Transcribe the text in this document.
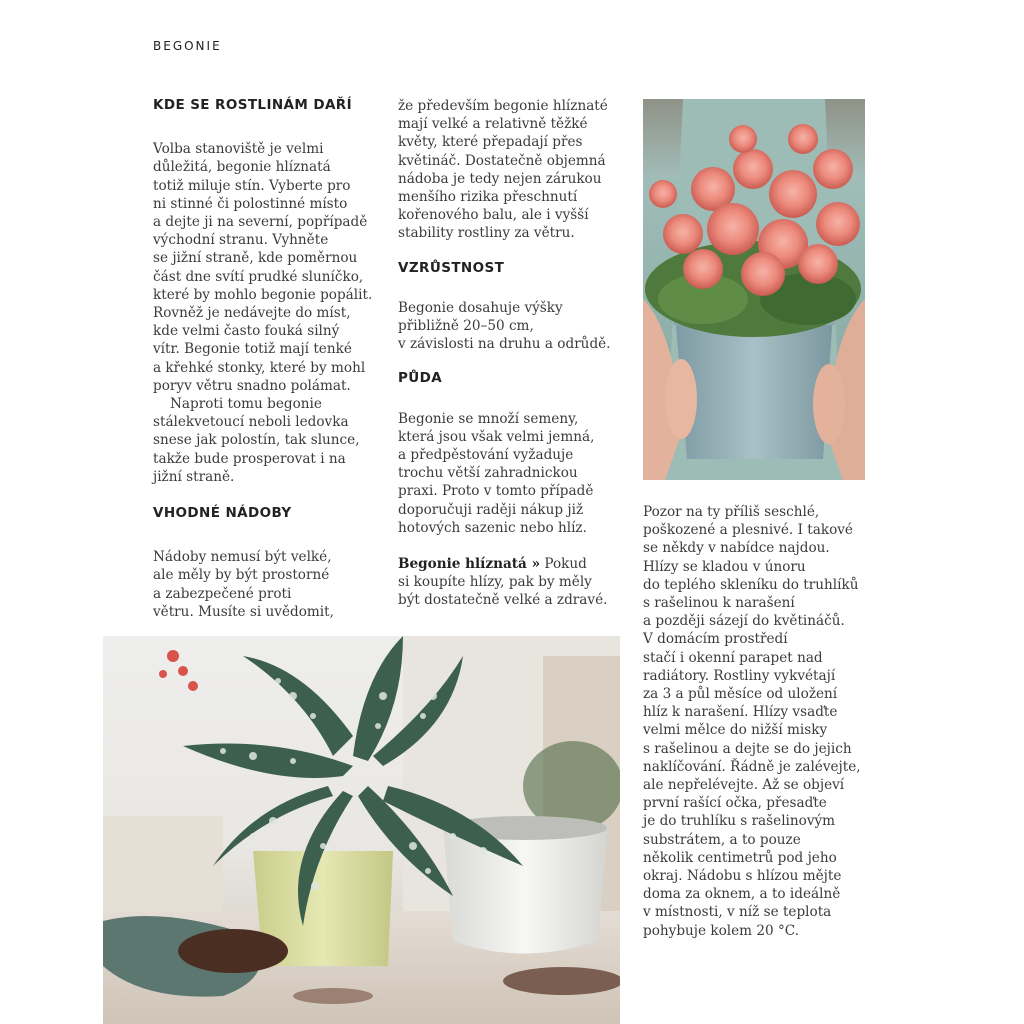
BEGONIE
KDE SE ROSTLINÁM DAŘÍ

Volba stanoviště je velmi
důležitá, begonie hlíznatá
totiž miluje stín. Vyberte pro
ni stinné či polostinné místo
a dejte ji na severní, popřípadě
východní stranu. Vyhněte
se jižní straně, kde poměrnou
část dne svítí prudké sluníčko,
které by mohlo begonie popálit.
Rovněž je nedávejte do míst,
kde velmi často fouká silný
vítr. Begonie totiž mají tenké
a křehké stonky, které by mohl
poryv větru snadno polámat.

Naproti tomu begonie
stálekvetoucí neboli ledovka
snese jak polostín, tak slunce,
takže bude prosperovat i na
jižní straně.

VHODNÉ NÁDOBY

Nádoby nemusí být velké,
ale měly by být prostorné
a zabezpečené proti
větru. Musíte si uvědomit,

že především begonie hlíznaté
mají velké a relativně těžké
květy, které přepadají přes
květináč. Dostatečně objemná
nádoba je tedy nejen zárukou
menšího rizika přeschnutí
kořenového balu, ale i vyšší
stability rostliny za větru.

VZRŮSTNOST

Begonie dosahuje výšky
přibližně 20–50 cm,
v závislosti na druhu a odrůdě.

PŮDA

Begonie se množí semeny,
která jsou však velmi jemná,
a předpěstování vyžaduje
trochu větší zahradnickou
praxi. Proto v tomto případě
doporučuji raději nákup již
hotových sazenic nebo hlíz.

Begonie hlíznatá » Pokud
si koupíte hlízy, pak by měly
být dostatečně velké a zdravé.

Pozor na ty příliš seschlé,
poškozené a plesnivé. I takové
se někdy v nabídce najdou.
Hlízy se kladou v únoru
do teplého skleníku do truhlíků
s rašelinou k narašení
a později sázejí do květináčů.
V domácím prostředí
stačí i okenní parapet nad
radiátory. Rostliny vykvétají
za 3 a půl měsíce od uložení
hlíz k narašení. Hlízy vsaďte
velmi mělce do nižší misky
s rašelinou a dejte se do jejich
naklíčování. Řádně je zalévejte,
ale nepřelévejte. Až se objeví
první rašící očka, přesaďte
je do truhlíku s rašelinovým
substrátem, a to pouze
několik centimetrů pod jeho
okraj. Nádobu s hlízou mějte
doma za oknem, a to ideálně
v místnosti, v níž se teplota
pohybuje kolem 20 °C.
